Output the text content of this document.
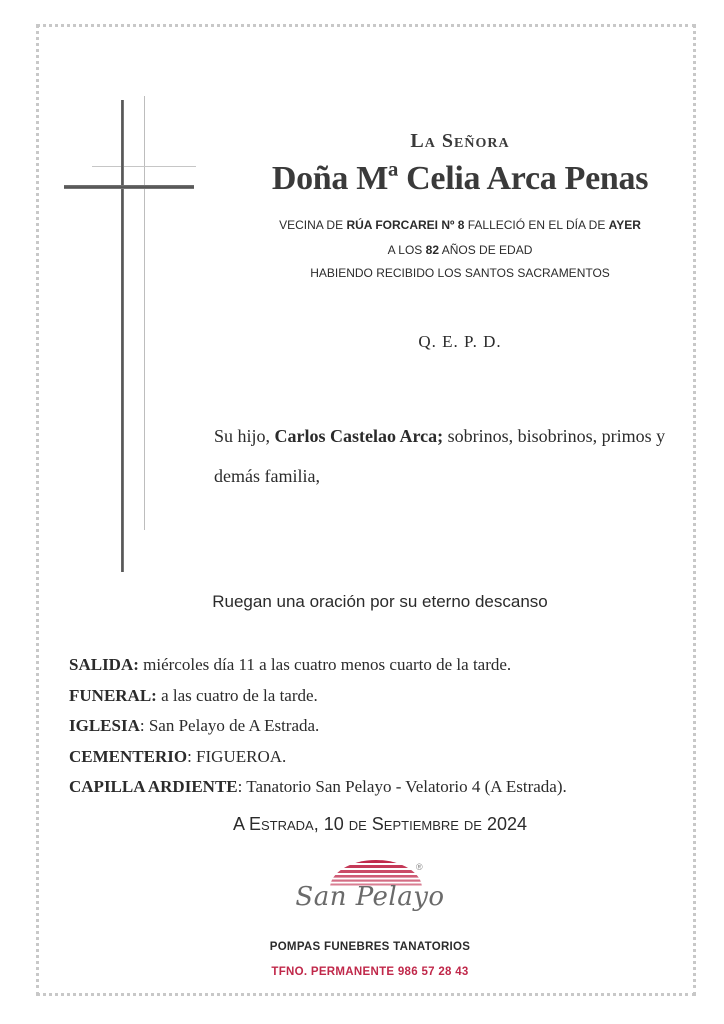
La Señora
Doña Mª Celia Arca Penas
VECINA DE RÚA FORCAREI Nº 8 FALLECIÓ EN EL DÍA DE AYER
A LOS 82 AÑOS DE EDAD
HABIENDO RECIBIDO LOS SANTOS SACRAMENTOS
Q. E. P. D.
Su hijo, Carlos Castelao Arca; sobrinos, bisobrinos, primos y demás familia,
Ruegan una oración por su eterno descanso
SALIDA: miércoles día 11 a las cuatro menos cuarto de la tarde.
FUNERAL: a las cuatro de la tarde.
IGLESIA: San Pelayo de A Estrada.
CEMENTERIO: FIGUEROA.
CAPILLA ARDIENTE: Tanatorio San Pelayo - Velatorio 4 (A Estrada).
A Estrada, 10 de Septiembre de 2024
®
San Pelayo
POMPAS FUNEBRES TANATORIOS
TFNO. PERMANENTE 986 57 28 43
